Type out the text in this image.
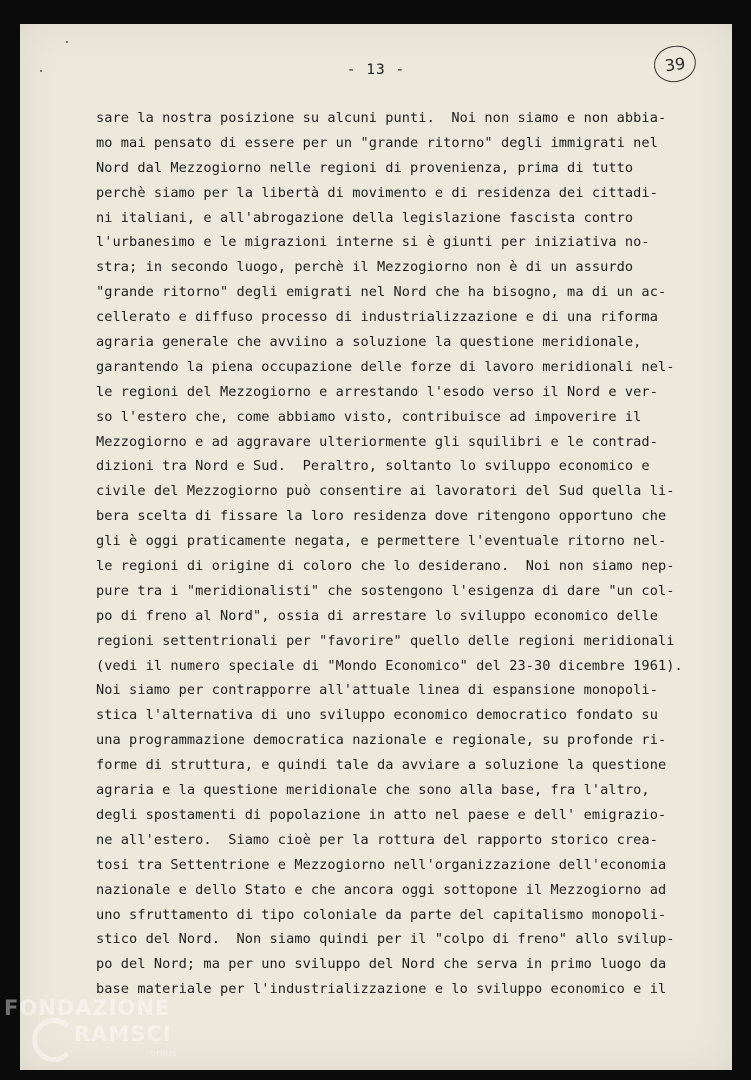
- 13 -	39
sare la nostra posizione su alcuni punti.  Noi non siamo e non abbia-
mo mai pensato di essere per un "grande ritorno" degli immigrati nel
Nord dal Mezzogiorno nelle regioni di provenienza, prima di tutto
perchè siamo per la libertà di movimento e di residenza dei cittadi-
ni italiani, e all'abrogazione della legislazione fascista contro
l'urbanesimo e le migrazioni interne si è giunti per iniziativa no-
stra; in secondo luogo, perchè il Mezzogiorno non è di un assurdo
"grande ritorno" degli emigrati nel Nord che ha bisogno, ma di un ac-
cellerato e diffuso processo di industrializzazione e di una riforma
agraria generale che avviino a soluzione la questione meridionale,
garantendo la piena occupazione delle forze di lavoro meridionali nel-
le regioni del Mezzogiorno e arrestando l'esodo verso il Nord e ver-
so l'estero che, come abbiamo visto, contribuisce ad impoverire il
Mezzogiorno e ad aggravare ulteriormente gli squilibri e le contrad-
dizioni tra Nord e Sud.  Peraltro, soltanto lo sviluppo economico e
civile del Mezzogiorno può consentire ai lavoratori del Sud quella li-
bera scelta di fissare la loro residenza dove ritengono opportuno che
gli è oggi praticamente negata, e permettere l'eventuale ritorno nel-
le regioni di origine di coloro che lo desiderano.  Noi non siamo nep-
pure tra i "meridionalisti" che sostengono l'esigenza di dare "un col-
po di freno al Nord", ossia di arrestare lo sviluppo economico delle
regioni settentrionali per "favorire" quello delle regioni meridionali
(vedi il numero speciale di "Mondo Economico" del 23-30 dicembre 1961).
Noi siamo per contrapporre all'attuale linea di espansione monopoli-
stica l'alternativa di uno sviluppo economico democratico fondato su
una programmazione democratica nazionale e regionale, su profonde ri-
forme di struttura, e quindi tale da avviare a soluzione la questione
agraria e la questione meridionale che sono alla base, fra l'altro,
degli spostamenti di popolazione in atto nel paese e dell' emigrazio-
ne all'estero.  Siamo cioè per la rottura del rapporto storico crea-
tosi tra Settentrione e Mezzogiorno nell'organizzazione dell'economia
nazionale e dello Stato e che ancora oggi sottopone il Mezzogiorno ad
uno sfruttamento di tipo coloniale da parte del capitalismo monopoli-
stico del Nord.  Non siamo quindi per il "colpo di freno" allo svilup-
po del Nord; ma per uno sviluppo del Nord che serva in primo luogo da
base materiale per l'industrializzazione e lo sviluppo economico e il
FONDAZIONE
RAMSCI
onlus
